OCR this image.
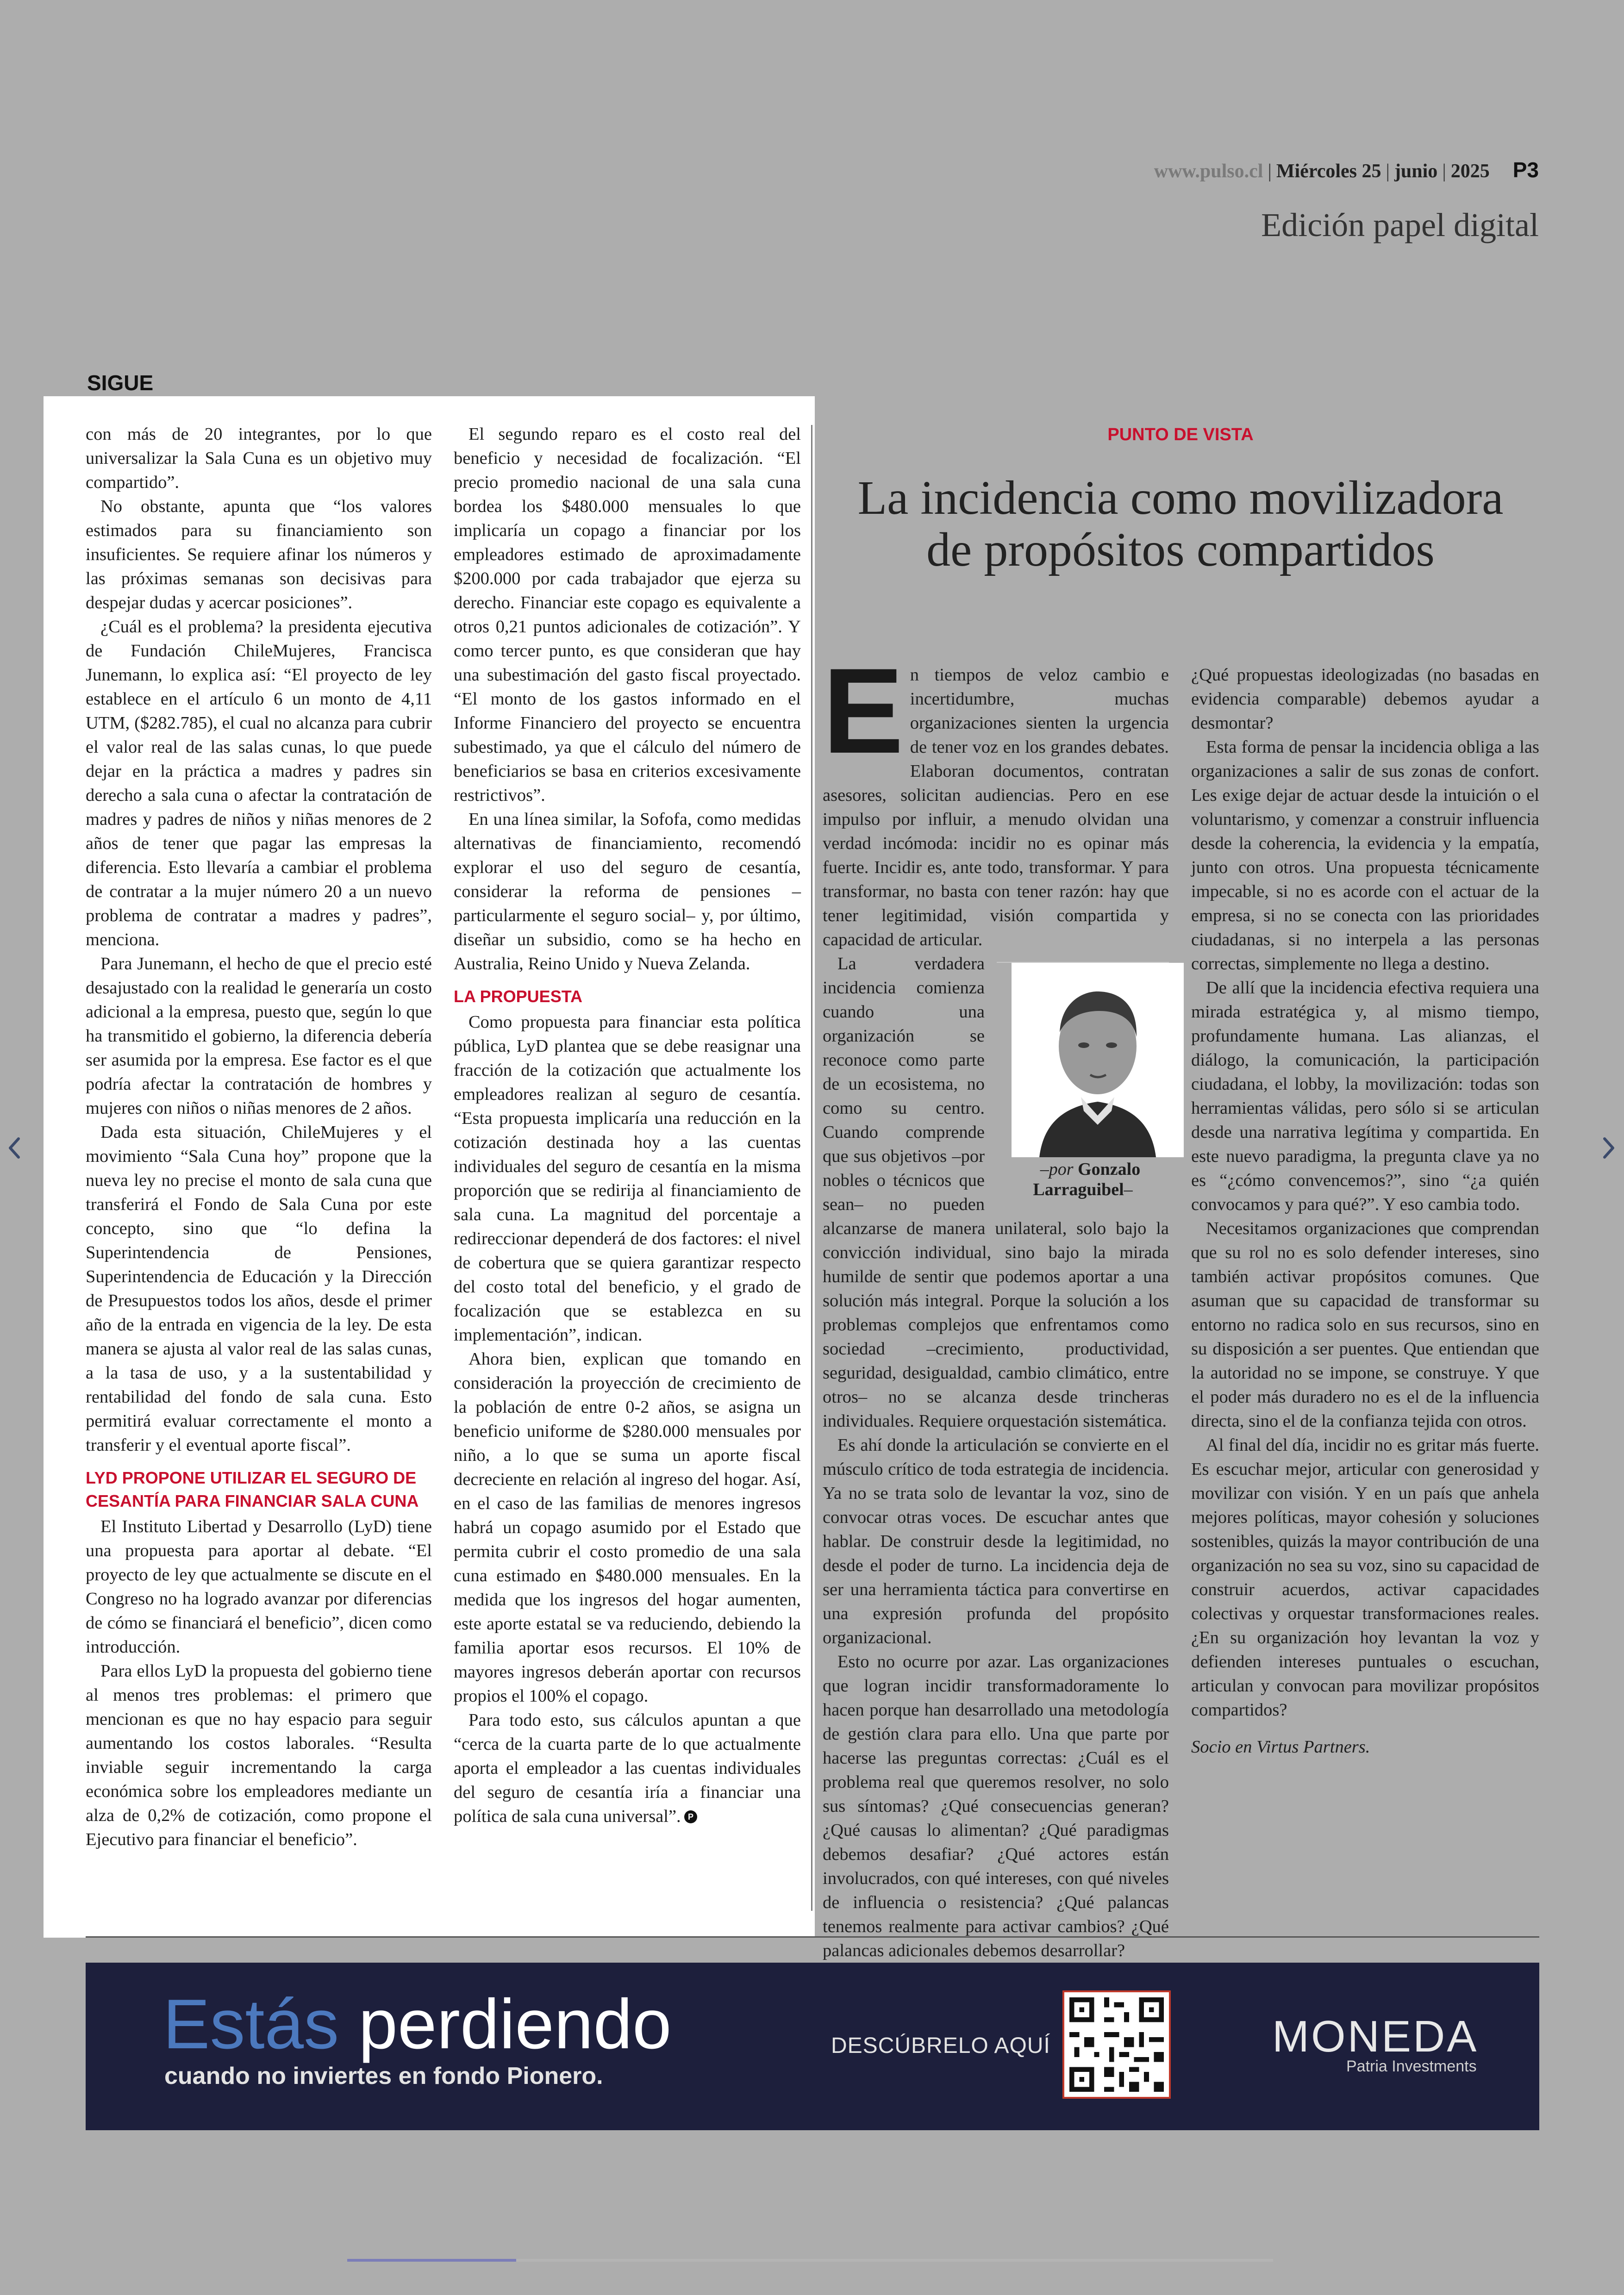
www.pulso.cl | Miércoles 25 | junio | 2025 P3
Edición papel digital
SIGUE

con más de 20 integrantes, por lo que universalizar la Sala Cuna es un objetivo muy compartido”.

No obstante, apunta que “los valores estimados para su financiamiento son insuficientes. Se requiere afinar los números y las próximas semanas son decisivas para despejar dudas y acercar posiciones”.

¿Cuál es el problema? la presidenta ejecutiva de Fundación ChileMujeres, Francisca Junemann, lo explica así: “El proyecto de ley establece en el artículo 6 un monto de 4,11 UTM, ($282.785), el cual no alcanza para cubrir el valor real de las salas cunas, lo que puede dejar en la práctica a madres y padres sin derecho a sala cuna o afectar la contratación de madres y padres de niños y niñas menores de 2 años de tener que pagar las empresas la diferencia. Esto llevaría a cambiar el problema de contratar a la mujer número 20 a un nuevo problema de contratar a madres y padres”, menciona.

Para Junemann, el hecho de que el precio esté desajustado con la realidad le generaría un costo adicional a la empresa, puesto que, según lo que ha transmitido el gobierno, la diferencia debería ser asumida por la empresa. Ese factor es el que podría afectar la contratación de hombres y mujeres con niños o niñas menores de 2 años.

Dada esta situación, ChileMujeres y el movimiento “Sala Cuna hoy” propone que la nueva ley no precise el monto de sala cuna que transferirá el Fondo de Sala Cuna por este concepto, sino que “lo defina la Superintendencia de Pensiones, Superintendencia de Educación y la Dirección de Presupuestos todos los años, desde el primer año de la entrada en vigencia de la ley. De esta manera se ajusta al valor real de las salas cunas, a la tasa de uso, y a la sustentabilidad y rentabilidad del fondo de sala cuna. Esto permitirá evaluar correctamente el monto a transferir y el eventual aporte fiscal”.

LYD PROPONE UTILIZAR EL SEGURO DE CESANTÍA PARA FINANCIAR SALA CUNA

El Instituto Libertad y Desarrollo (LyD) tiene una propuesta para aportar al debate. “El proyecto de ley que actualmente se discute en el Congreso no ha logrado avanzar por diferencias de cómo se financiará el beneficio”, dicen como introducción.

Para ellos LyD la propuesta del gobierno tiene al menos tres problemas: el primero que mencionan es que no hay espacio para seguir aumentando los costos laborales. “Resulta inviable seguir incrementando la carga económica sobre los empleadores mediante un alza de 0,2% de cotización, como propone el Ejecutivo para financiar el beneficio”.

El segundo reparo es el costo real del beneficio y necesidad de focalización. “El precio promedio nacional de una sala cuna bordea los $480.000 mensuales lo que implicaría un copago a financiar por los empleadores estimado de aproximadamente $200.000 por cada trabajador que ejerza su derecho. Financiar este copago es equivalente a otros 0,21 puntos adicionales de cotización”. Y como tercer punto, es que consideran que hay una subestimación del gasto fiscal proyectado. “El monto de los gastos informado en el Informe Financiero del proyecto se encuentra subestimado, ya que el cálculo del número de beneficiarios se basa en criterios excesivamente restrictivos”.

En una línea similar, la Sofofa, como medidas alternativas de financiamiento, recomendó explorar el uso del seguro de cesantía, considerar la reforma de pensiones –particularmente el seguro social– y, por último, diseñar un subsidio, como se ha hecho en Australia, Reino Unido y Nueva Zelanda.

LA PROPUESTA

Como propuesta para financiar esta política pública, LyD plantea que se debe reasignar una fracción de la cotización que actualmente los empleadores realizan al seguro de cesantía. “Esta propuesta implicaría una reducción en la cotización destinada hoy a las cuentas individuales del seguro de cesantía en la misma proporción que se redirija al financiamiento de sala cuna. La magnitud del porcentaje a redireccionar dependerá de dos factores: el nivel de cobertura que se quiera garantizar respecto del costo total del beneficio, y el grado de focalización que se establezca en su implementación”, indican.

Ahora bien, explican que tomando en consideración la proyección de crecimiento de la población de entre 0-2 años, se asigna un beneficio uniforme de $280.000 mensuales por niño, a lo que se suma un aporte fiscal decreciente en relación al ingreso del hogar. Así, en el caso de las familias de menores ingresos habrá un copago asumido por el Estado que permita cubrir el costo promedio de una sala cuna estimado en $480.000 mensuales. En la medida que los ingresos del hogar aumenten, este aporte estatal se va reduciendo, debiendo la familia aportar esos recursos. El 10% de mayores ingresos deberán aportar con recursos propios el 100% el copago.

Para todo esto, sus cálculos apuntan a que “cerca de la cuarta parte de lo que actualmente aporta el empleador a las cuentas individuales del seguro de cesantía iría a financiar una política de sala cuna universal”. P

PUNTO DE VISTA
La incidencia como movilizadora de propósitos compartidos
E n tiempos de veloz cambio e incertidumbre, muchas organizaciones sienten la urgencia de tener voz en los grandes debates. Elaboran documentos, contratan asesores, solicitan audiencias. Pero en ese impulso por influir, a menudo olvidan una verdad incómoda: incidir no es opinar más fuerte. Incidir es, ante todo, transformar. Y para transformar, no basta con tener razón: hay que tener legitimidad, visión compartida y capacidad de articular.

–por Gonzalo Larraguibel–
La verdadera incidencia comienza cuando una organización se reconoce como parte de un ecosistema, no como su centro. Cuando comprende que sus objetivos –por nobles o técnicos que sean– no pueden alcanzarse de manera unilateral, solo bajo la convicción individual, sino bajo la mirada humilde de sentir que podemos aportar a una solución más integral. Porque la solución a los problemas complejos que enfrentamos como sociedad –crecimiento, productividad, seguridad, desigualdad, cambio climático, entre otros– no se alcanza desde trincheras individuales. Requiere orquestación sistemática.

Es ahí donde la articulación se convierte en el músculo crítico de toda estrategia de incidencia. Ya no se trata solo de levantar la voz, sino de convocar otras voces. De escuchar antes que hablar. De construir desde la legitimidad, no desde el poder de turno. La incidencia deja de ser una herramienta táctica para convertirse en una expresión profunda del propósito organizacional.

Esto no ocurre por azar. Las organizaciones que logran incidir transformadoramente lo hacen porque han desarrollado una metodología de gestión clara para ello. Una que parte por hacerse las preguntas correctas: ¿Cuál es el problema real que queremos resolver, no solo sus síntomas? ¿Qué consecuencias generan? ¿Qué causas lo alimentan? ¿Qué paradigmas debemos desafiar? ¿Qué actores están involucrados, con qué intereses, con qué niveles de influencia o resistencia? ¿Qué palancas tenemos realmente para activar cambios? ¿Qué palancas adicionales debemos desarrollar?

¿Qué propuestas ideologizadas (no basadas en evidencia comparable) debemos ayudar a desmontar?

Esta forma de pensar la incidencia obliga a las organizaciones a salir de sus zonas de confort. Les exige dejar de actuar desde la intuición o el voluntarismo, y comenzar a construir influencia desde la coherencia, la evidencia y la empatía, junto con otros. Una propuesta técnicamente impecable, si no es acorde con el actuar de la empresa, si no se conecta con las prioridades ciudadanas, si no interpela a las personas correctas, simplemente no llega a destino.

De allí que la incidencia efectiva requiera una mirada estratégica y, al mismo tiempo, profundamente humana. Las alianzas, el diálogo, la comunicación, la participación ciudadana, el lobby, la movilización: todas son herramientas válidas, pero sólo si se articulan desde una narrativa legítima y compartida. En este nuevo paradigma, la pregunta clave ya no es “¿cómo convencemos?”, sino “¿a quién convocamos y para qué?”. Y eso cambia todo.

Necesitamos organizaciones que comprendan que su rol no es solo defender intereses, sino también activar propósitos comunes. Que asuman que su capacidad de transformar su entorno no radica solo en sus recursos, sino en su disposición a ser puentes. Que entiendan que la autoridad no se impone, se construye. Y que el poder más duradero no es el de la influencia directa, sino el de la confianza tejida con otros.

Al final del día, incidir no es gritar más fuerte. Es escuchar mejor, articular con generosidad y movilizar con visión. Y en un país que anhela mejores políticas, mayor cohesión y soluciones sostenibles, quizás la mayor contribución de una organización no sea su voz, sino su capacidad de construir acuerdos, activar capacidades colectivas y orquestar transformaciones reales. ¿En su organización hoy levantan la voz y defienden intereses puntuales o escuchan, articulan y convocan para movilizar propósitos compartidos?

Socio en Virtus Partners.

Estás perdiendo
cuando no inviertes en fondo Pionero.
DESCÚBRELO AQUÍ	MONEDA
Patria Investments
